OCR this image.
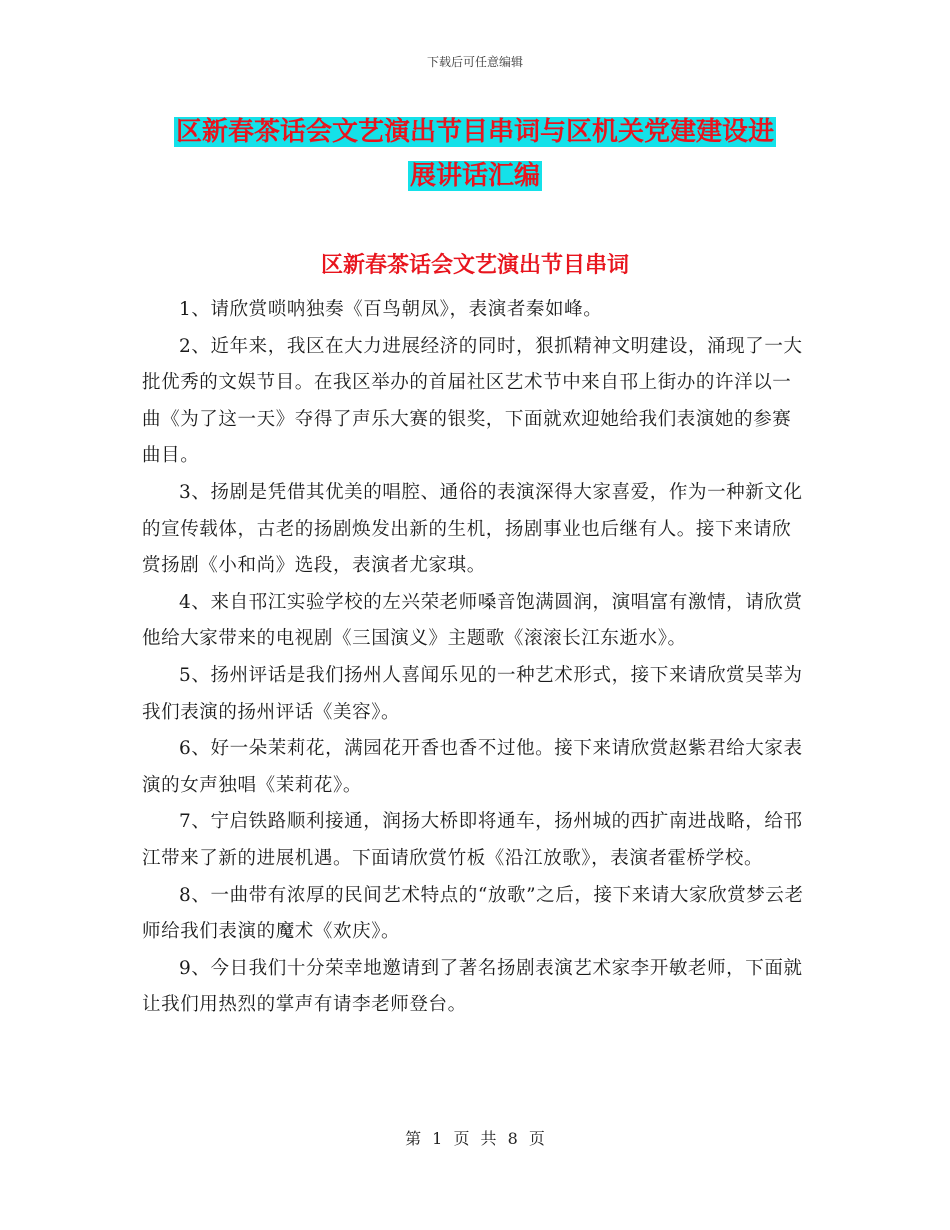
下载后可任意编辑
区新春茶话会文艺演出节目串词与区机关党建建设进
展讲话汇编
区新春茶话会文艺演出节目串词

1、请欣赏唢呐独奏《百鸟朝凤》，表演者秦如峰。

2、近年来，我区在大力进展经济的同时，狠抓精神文明建设，涌现了一大批优秀的文娱节目。在我区举办的首届社区艺术节中来自邗上街办的许洋以一曲《为了这一天》夺得了声乐大赛的银奖，下面就欢迎她给我们表演她的参赛曲目。

3、扬剧是凭借其优美的唱腔、通俗的表演深得大家喜爱，作为一种新文化的宣传载体，古老的扬剧焕发出新的生机，扬剧事业也后继有人。接下来请欣赏扬剧《小和尚》选段，表演者尤家琪。

4、来自邗江实验学校的左兴荣老师嗓音饱满圆润，演唱富有激情，请欣赏他给大家带来的电视剧《三国演义》主题歌《滚滚长江东逝水》。

5、扬州评话是我们扬州人喜闻乐见的一种艺术形式，接下来请欣赏吴莘为我们表演的扬州评话《美容》。

6、好一朵茉莉花，满园花开香也香不过他。接下来请欣赏赵紫君给大家表演的女声独唱《茉莉花》。

7、宁启铁路顺利接通，润扬大桥即将通车，扬州城的西扩南进战略，给邗江带来了新的进展机遇。下面请欣赏竹板《沿江放歌》，表演者霍桥学校。

8、一曲带有浓厚的民间艺术特点的“放歌”之后，接下来请大家欣赏梦云老师给我们表演的魔术《欢庆》。

9、今日我们十分荣幸地邀请到了著名扬剧表演艺术家李开敏老师，下面就让我们用热烈的掌声有请李老师登台。

第 1 页 共 8 页
